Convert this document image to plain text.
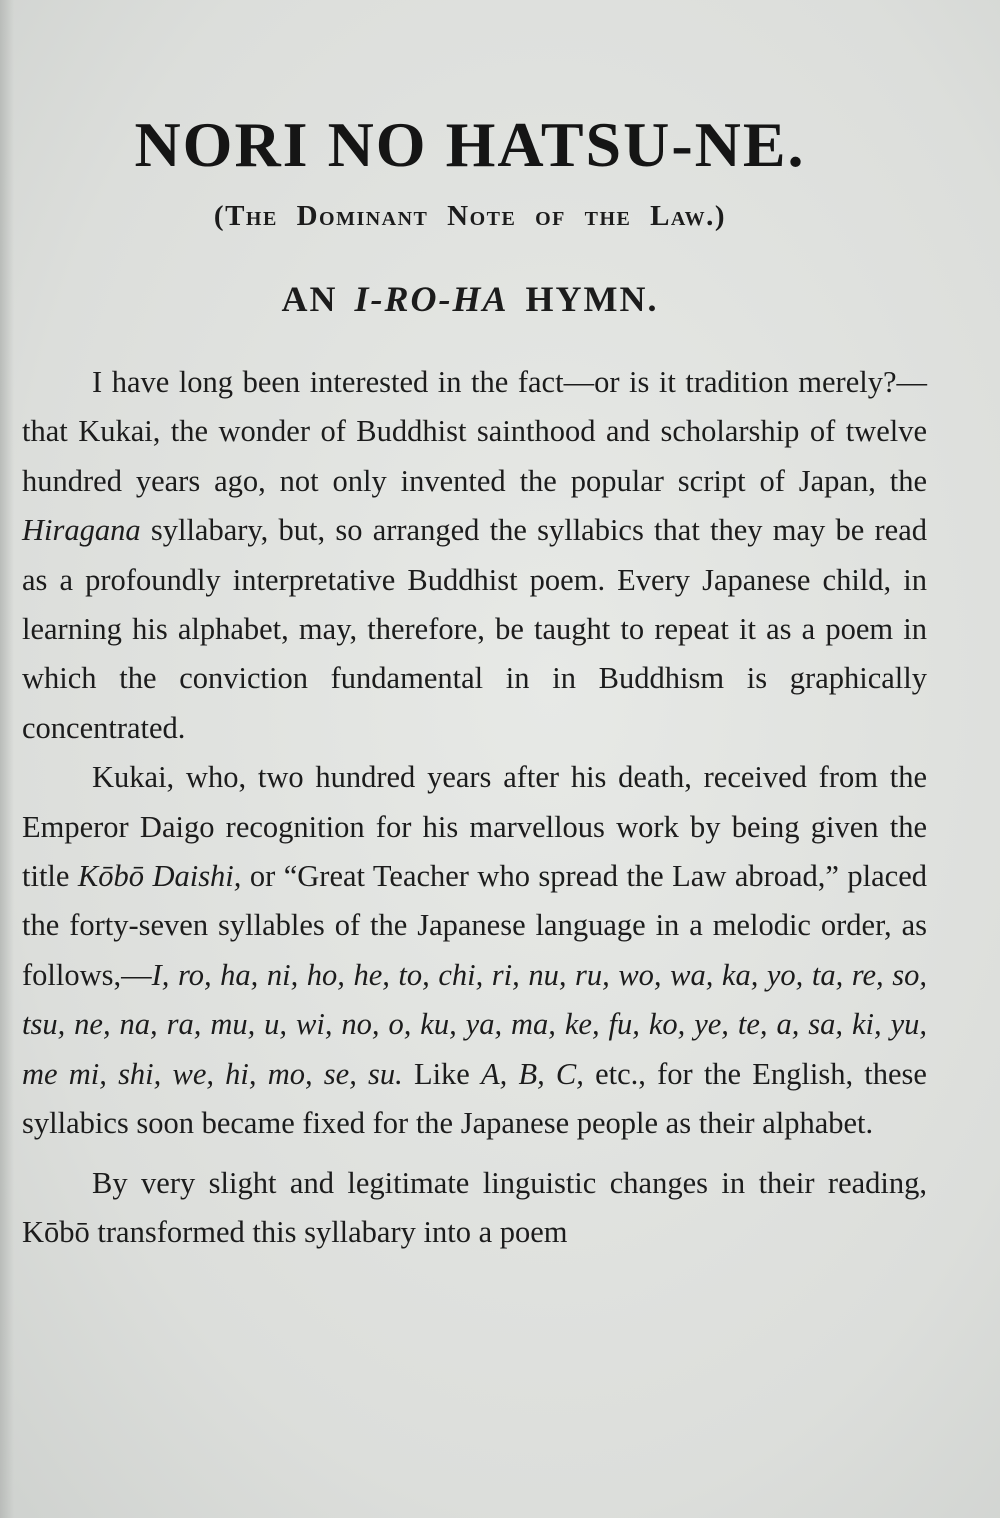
NORI NO HATSU-NE.
(The Dominant Note of the Law.)
AN I-RO-HA HYMN.

I have long been interested in the fact—or is it tradition merely?—that Kukai, the wonder of Buddhist sainthood and scholarship of twelve hundred years ago, not only invented the popular script of Japan, the Hiragana syllabary, but, so arranged the syllabics that they may be read as a profoundly interpretative Buddhist poem. Every Japanese child, in learning his alphabet, may, therefore, be taught to repeat it as a poem in which the conviction fundamental in in Buddhism is graphically concentrated.

Kukai, who, two hundred years after his death, received from the Emperor Daigo recognition for his marvellous work by being given the title Kōbō Daishi, or “Great Teacher who spread the Law abroad,” placed the forty-seven syllables of the Japanese language in a melodic order, as follows,—I, ro, ha, ni, ho, he, to, chi, ri, nu, ru, wo, wa, ka, yo, ta, re, so, tsu, ne, na, ra, mu, u, wi, no, o, ku, ya, ma, ke, fu, ko, ye, te, a, sa, ki, yu, me mi, shi, we, hi, mo, se, su. Like A, B, C, etc., for the English, these syllabics soon became fixed for the Japanese people as their alphabet.

By very slight and legitimate linguistic changes in their reading, Kōbō transformed this syllabary into a poem
